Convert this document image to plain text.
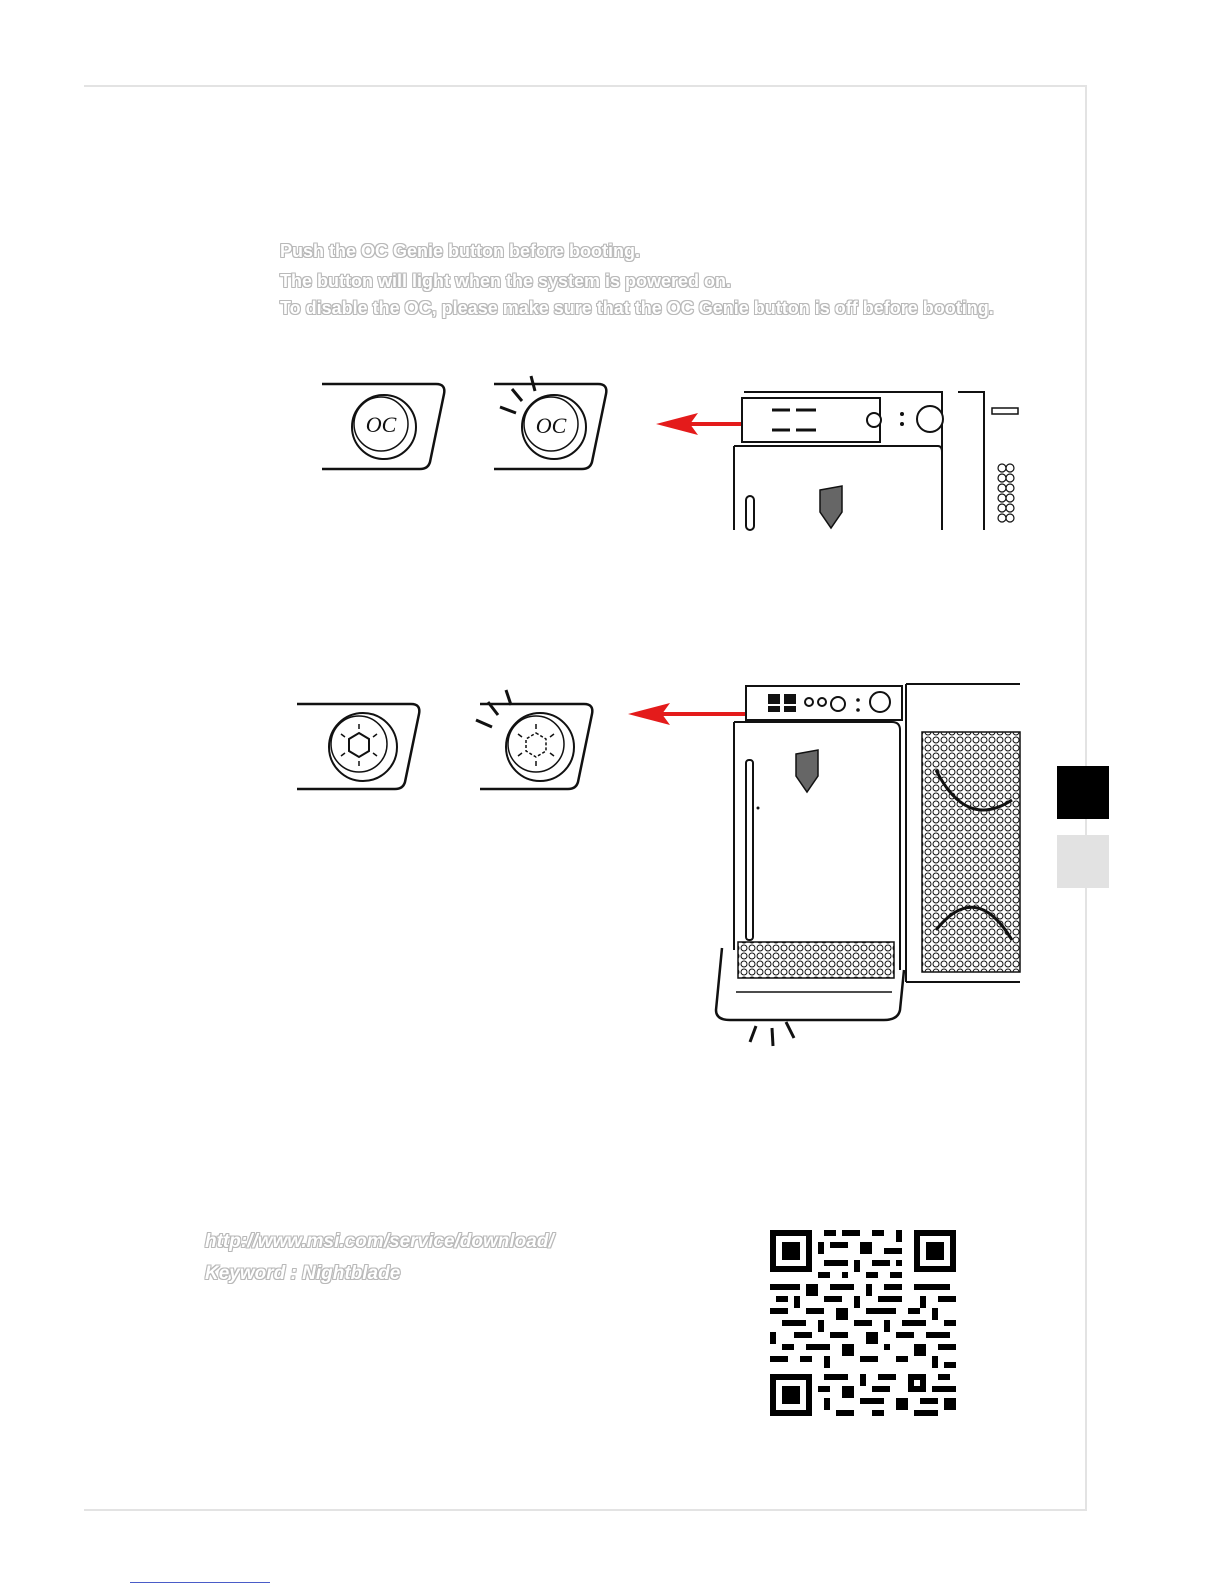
Push the OC Genie button before booting.

The button will light when the system is powered on.

To disable the OC, please make sure that the OC Genie button is off before booting.

OC	OC
http://www.msi.com/service/download/
Keyword : Nightblade
